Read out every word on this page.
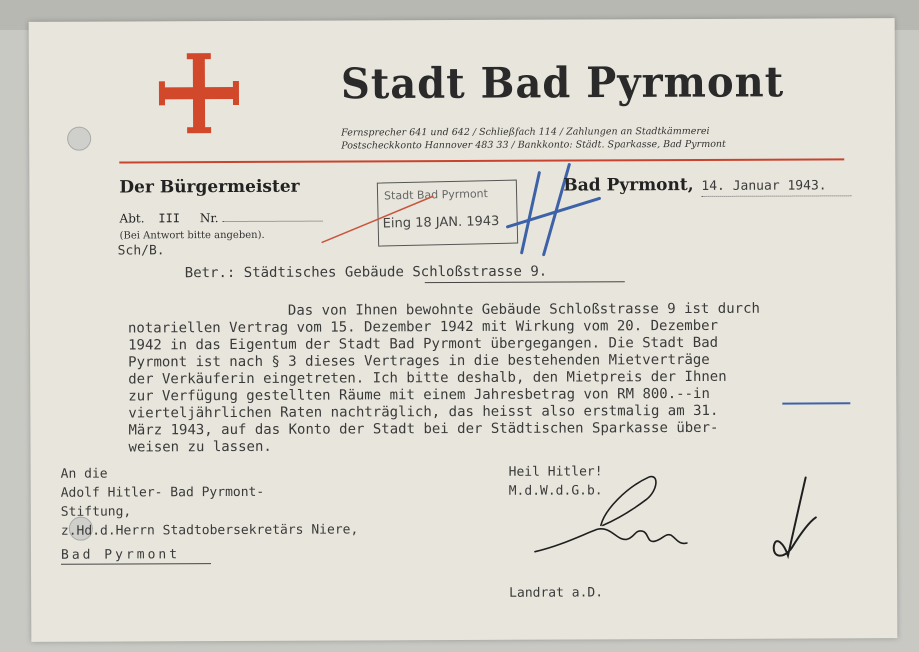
Stadt Bad Pyrmont
Fernsprecher 641 und 642 / Schließfach 114 / Zahlungen an Stadtkämmerei
Postscheckkonto Hannover 483 33 / Bankkonto: Städt. Sparkasse, Bad Pyrmont
Der Bürgermeister
Abt. III Nr.
(Bei Antwort bitte angeben).
Sch/B.
Stadt Bad Pyrmont
Eing 18 JAN. 1943
Bad Pyrmont, 14. Januar 1943.
Betr.: Städtisches Gebäude Schloßstrasse 9.
Das von Ihnen bewohnte Gebäude Schloßstrasse 9 ist durch
notariellen Vertrag vom 15. Dezember 1942 mit Wirkung vom 20. Dezember
1942 in das Eigentum der Stadt Bad Pyrmont übergegangen. Die Stadt Bad
Pyrmont ist nach § 3 dieses Vertrages in die bestehenden Mietverträge
der Verkäuferin eingetreten. Ich bitte deshalb, den Mietpreis der Ihnen
zur Verfügung gestellten Räume mit einem Jahresbetrag von RM 800.--in
vierteljährlichen Raten nachträglich, das heisst also erstmalig am 31.
März 1943, auf das Konto der Stadt bei der Städtischen Sparkasse über-
weisen zu lassen.
An die
Adolf Hitler- Bad Pyrmont-
Stiftung,
z.Hd.d.Herrn Stadtobersekretärs Niere,
Bad Pyrmont
Heil Hitler!
M.d.W.d.G.b.
Landrat a.D.
